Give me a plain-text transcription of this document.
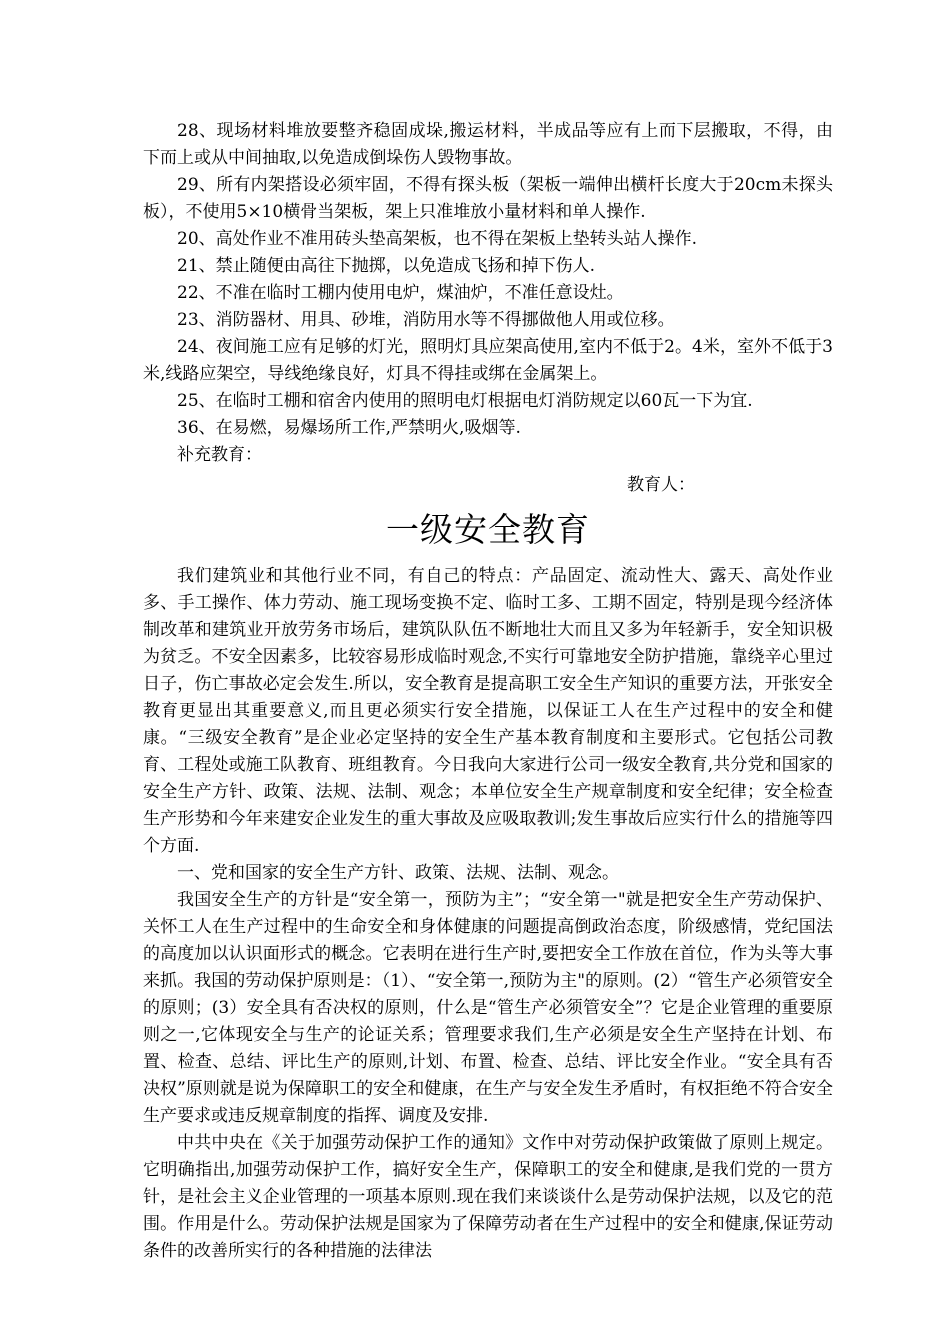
28、现场材料堆放要整齐稳固成垛,搬运材料，半成品等应有上而下层搬取，不得，由下而上或从中间抽取,以免造成倒垛伤人毁物事故。

29、所有内架搭设必须牢固，不得有探头板（架板一端伸出横杆长度大于20cm未探头板），不使用5×10横骨当架板，架上只准堆放小量材料和单人操作.

20、高处作业不准用砖头垫高架板，也不得在架板上垫转头站人操作.

21、禁止随便由高往下抛掷，以免造成飞扬和掉下伤人.

22、不准在临时工棚内使用电炉，煤油炉，不准任意设灶。

23、消防器材、用具、砂堆，消防用水等不得挪做他人用或位移。

24、夜间施工应有足够的灯光，照明灯具应架高使用,室内不低于2。4米，室外不低于3米,线路应架空，导线绝缘良好，灯具不得挂或绑在金属架上。

25、在临时工棚和宿舍内使用的照明电灯根据电灯消防规定以60瓦一下为宜.

36、在易燃，易爆场所工作,严禁明火,吸烟等.

补充教育：

教育人：
一级安全教育

我们建筑业和其他行业不同，有自己的特点：产品固定、流动性大、露天、高处作业多、手工操作、体力劳动、施工现场变换不定、临时工多、工期不固定，特别是现今经济体制改革和建筑业开放劳务市场后，建筑队队伍不断地壮大而且又多为年轻新手，安全知识极为贫乏。不安全因素多，比较容易形成临时观念,不实行可靠地安全防护措施，靠绕辛心里过日子，伤亡事故必定会发生.所以，安全教育是提高职工安全生产知识的重要方法，开张安全教育更显出其重要意义,而且更必须实行安全措施，以保证工人在生产过程中的安全和健康。“三级安全教育”是企业必定坚持的安全生产基本教育制度和主要形式。它包括公司教育、工程处或施工队教育、班组教育。今日我向大家进行公司一级安全教育,共分党和国家的安全生产方针、政策、法规、法制、观念；本单位安全生产规章制度和安全纪律；安全检查生产形势和今年来建安企业发生的重大事故及应吸取教训;发生事故后应实行什么的措施等四个方面.

一、党和国家的安全生产方针、政策、法规、法制、观念。

我国安全生产的方针是“安全第一，预防为主”；“安全第一"就是把安全生产劳动保护、关怀工人在生产过程中的生命安全和身体健康的问题提高倒政治态度，阶级感情，党纪国法的高度加以认识面形式的概念。它表明在进行生产时,要把安全工作放在首位，作为头等大事来抓。我国的劳动保护原则是：（1）、“安全第一,预防为主"的原则。(2）“管生产必须管安全的原则；(3）安全具有否决权的原则，什么是“管生产必须管安全”？它是企业管理的重要原则之一,它体现安全与生产的论证关系；管理要求我们,生产必须是安全生产坚持在计划、布置、检查、总结、评比生产的原则,计划、布置、检查、总结、评比安全作业。“安全具有否决权”原则就是说为保障职工的安全和健康，在生产与安全发生矛盾时，有权拒绝不符合安全生产要求或违反规章制度的指挥、调度及安排.

中共中央在《关于加强劳动保护工作的通知》文作中对劳动保护政策做了原则上规定。它明确指出,加强劳动保护工作，搞好安全生产，保障职工的安全和健康,是我们党的一贯方针，是社会主义企业管理的一项基本原则.现在我们来谈谈什么是劳动保护法规，以及它的范围。作用是什么。劳动保护法规是国家为了保障劳动者在生产过程中的安全和健康,保证劳动条件的改善所实行的各种措施的法律法
